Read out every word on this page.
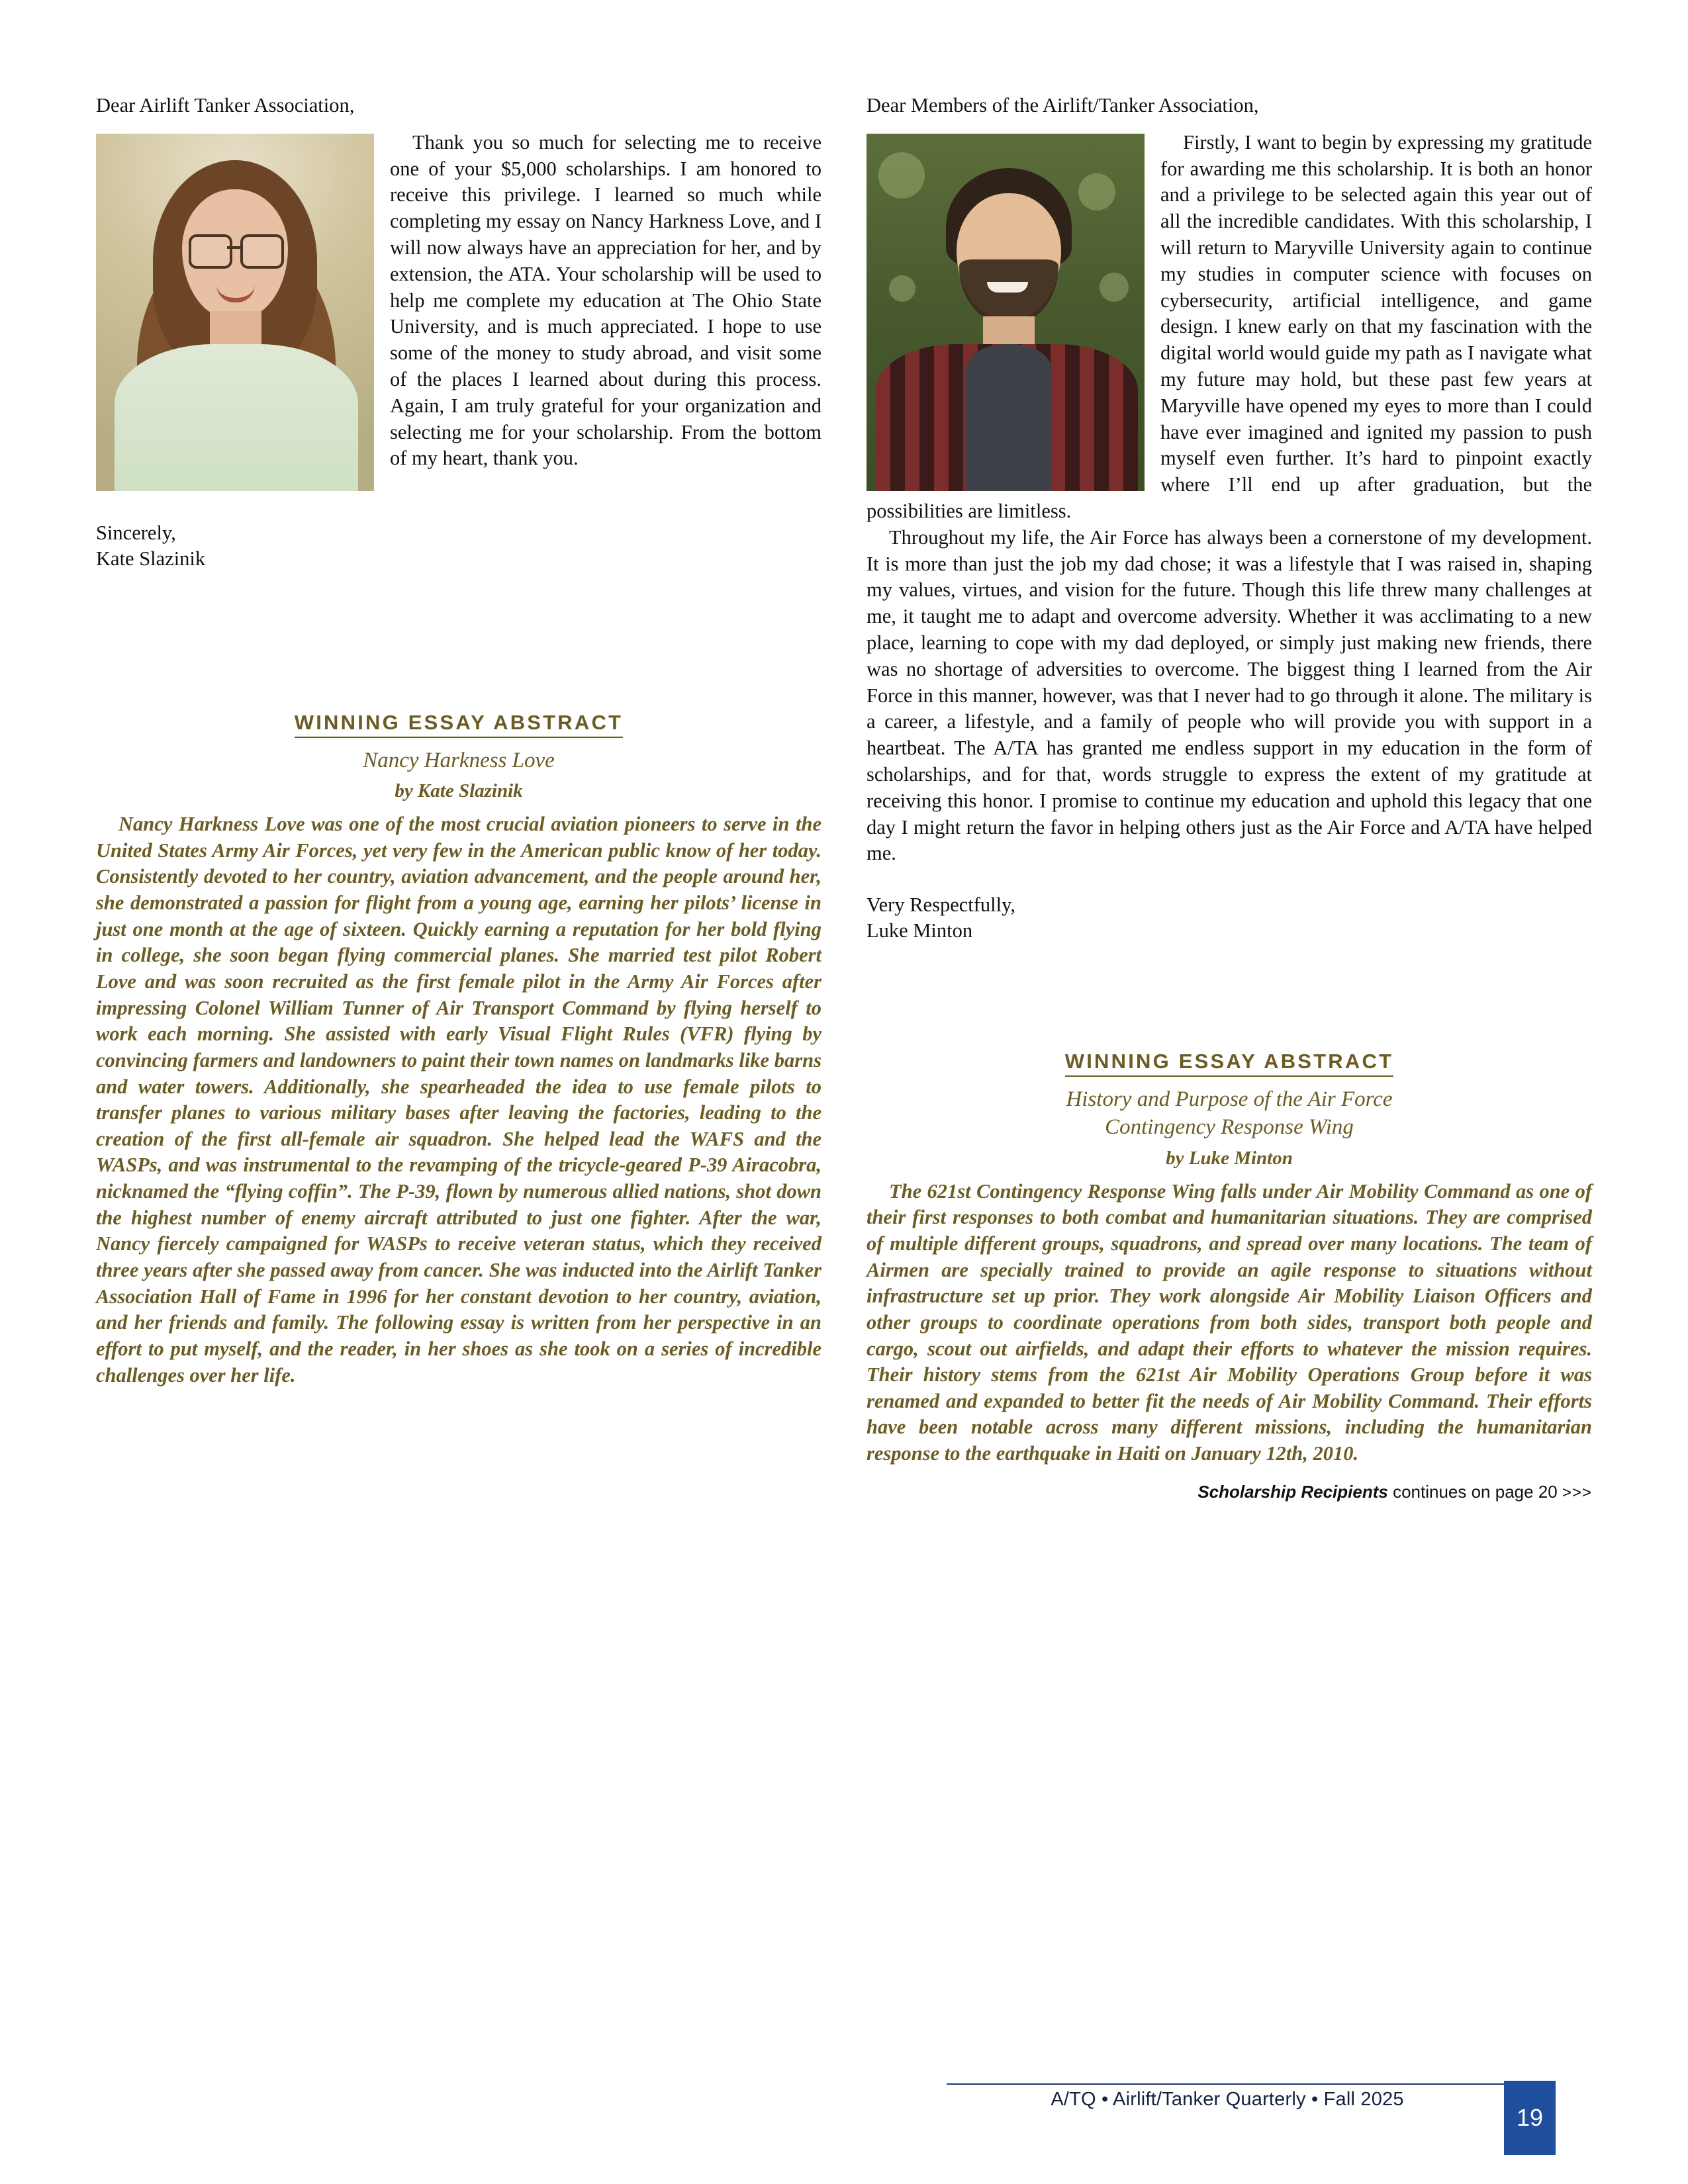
Dear Airlift Tanker Association,

Thank you so much for selecting me to receive one of your $5,000 scholarships. I am honored to receive this privilege. I learned so much while completing my essay on Nancy Harkness Love, and I will now always have an appreciation for her, and by extension, the ATA. Your scholarship will be used to help me complete my education at The Ohio State University, and is much appreciated. I hope to use some of the money to study abroad, and visit some of the places I learned about during this process. Again, I am truly grateful for your organization and selecting me for your scholarship. From the bottom of my heart, thank you.

Sincerely,

Kate Slazinik

WINNING ESSAY ABSTRACT
Nancy Harkness Love
by Kate Slazinik

Nancy Harkness Love was one of the most crucial aviation pioneers to serve in the United States Army Air Forces, yet very few in the American public know of her today. Consistently devoted to her country, aviation advancement, and the people around her, she demonstrated a passion for flight from a young age, earning her pilots’ license in just one month at the age of sixteen. Quickly earning a reputation for her bold flying in college, she soon began flying commercial planes. She married test pilot Robert Love and was soon recruited as the first female pilot in the Army Air Forces after impressing Colonel William Tunner of Air Transport Command by flying herself to work each morning. She assisted with early Visual Flight Rules (VFR) flying by convincing farmers and landowners to paint their town names on landmarks like barns and water towers. Additionally, she spearheaded the idea to use female pilots to transfer planes to various military bases after leaving the factories, leading to the creation of the first all-female air squadron. She helped lead the WAFS and the WASPs, and was instrumental to the revamping of the tricycle-geared P-39 Airacobra, nicknamed the “flying coffin”. The P-39, flown by numerous allied nations, shot down the highest number of enemy aircraft attributed to just one fighter. After the war, Nancy fiercely campaigned for WASPs to receive veteran status, which they received three years after she passed away from cancer. She was inducted into the Airlift Tanker Association Hall of Fame in 1996 for her constant devotion to her country, aviation, and her friends and family. The following essay is written from her perspective in an effort to put myself, and the reader, in her shoes as she took on a series of incredible challenges over her life.

Dear Members of the Airlift/Tanker Association,

Firstly, I want to begin by expressing my gratitude for awarding me this scholarship. It is both an honor and a privilege to be selected again this year out of all the incredible candidates. With this scholarship, I will return to Maryville University again to continue my studies in computer science with focuses on cybersecurity, artificial intelligence, and game design. I knew early on that my fascination with the digital world would guide my path as I navigate what my future may hold, but these past few years at Maryville have opened my eyes to more than I could have ever imagined and ignited my passion to push myself even further. It’s hard to pinpoint exactly where I’ll end up after graduation, but the possibilities are limitless.

Throughout my life, the Air Force has always been a cornerstone of my development. It is more than just the job my dad chose; it was a lifestyle that I was raised in, shaping my values, virtues, and vision for the future. Though this life threw many challenges at me, it taught me to adapt and overcome adversity. Whether it was acclimating to a new place, learning to cope with my dad deployed, or simply just making new friends, there was no shortage of adversities to overcome. The biggest thing I learned from the Air Force in this manner, however, was that I never had to go through it alone. The military is a career, a lifestyle, and a family of people who will provide you with support in a heartbeat. The A/TA has granted me endless support in my education in the form of scholarships, and for that, words struggle to express the extent of my gratitude at receiving this honor. I promise to continue my education and uphold this legacy that one day I might return the favor in helping others just as the Air Force and A/TA have helped me.

Very Respectfully,

Luke Minton

WINNING ESSAY ABSTRACT
History and Purpose of the Air Force
Contingency Response Wing
by Luke Minton

The 621st Contingency Response Wing falls under Air Mobility Command as one of their first responses to both combat and humanitarian situations. They are comprised of multiple different groups, squadrons, and spread over many locations. The team of Airmen are specially trained to provide an agile response to situations without infrastructure set up prior. They work alongside Air Mobility Liaison Officers and other groups to coordinate operations from both sides, transport both people and cargo, scout out airfields, and adapt their efforts to whatever the mission requires. Their history stems from the 621st Air Mobility Operations Group before it was renamed and expanded to better fit the needs of Air Mobility Command. Their efforts have been notable across many different missions, including the humanitarian response to the earthquake in Haiti on January 12th, 2010.

Scholarship Recipients continues on page 20 >>>
A/TQ • Airlift/Tanker Quarterly • Fall 2025
19
